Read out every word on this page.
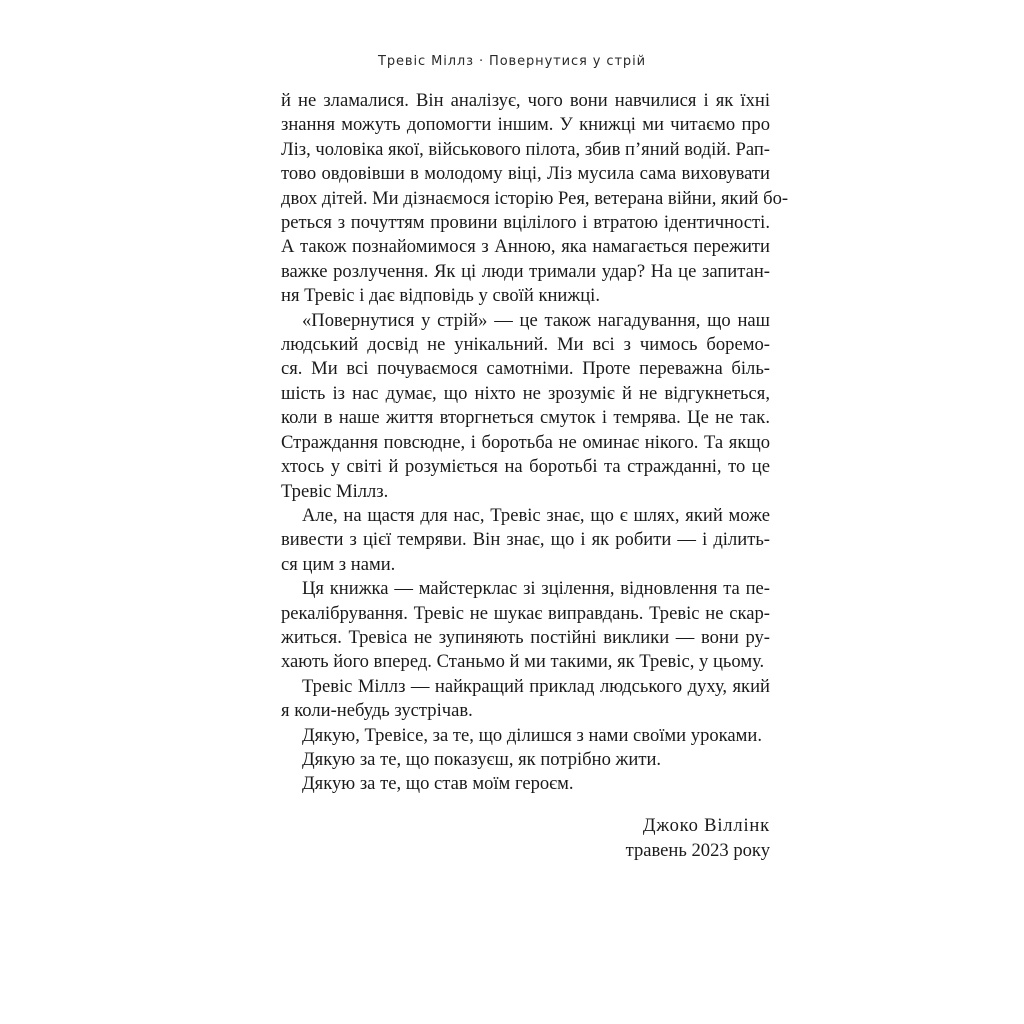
Тревіс Міллз · Повернутися у стрій
й не зламалися. Він аналізує, чого вони навчилися і як їхні
знання можуть допомогти іншим. У книжці ми читаємо про
Ліз, чоловіка якої, військового пілота, збив п’яний водій. Рап-
тово овдовівши в молодому віці, Ліз мусила сама виховувати
двох дітей. Ми дізнаємося історію Рея, ветерана війни, який бо-
реться з почуттям провини вцілілого і втратою ідентичності.
А також познайомимося з Анною, яка намагається пережити
важке розлучення. Як ці люди тримали удар? На це запитан-
ня Тревіс і дає відповідь у своїй книжці.
«Повернутися у стрій» — це також нагадування, що наш
людський досвід не унікальний. Ми всі з чимось боремо-
ся. Ми всі почуваємося самотніми. Проте переважна біль-
шість із нас думає, що ніхто не зрозуміє й не відгукнеться,
коли в наше життя вторгнеться смуток і темрява. Це не так.
Страждання повсюдне, і боротьба не оминає нікого. Та якщо
хтось у світі й розуміється на боротьбі та стражданні, то це
Тревіс Міллз.
Але, на щастя для нас, Тревіс знає, що є шлях, який може
вивести з цієї темряви. Він знає, що і як робити — і ділить-
ся цим з нами.
Ця книжка — майстерклас зі зцілення, відновлення та пе-
рекалібрування. Тревіс не шукає виправдань. Тревіс не скар-
житься. Тревіса не зупиняють постійні виклики — вони ру-
хають його вперед. Станьмо й ми такими, як Тревіс, у цьому.
Тревіс Міллз — найкращий приклад людського духу, який
я коли-небудь зустрічав.
Дякую, Тревісе, за те, що ділишся з нами своїми уроками.
Дякую за те, що показуєш, як потрібно жити.
Дякую за те, що став моїм героєм.
Джоко Віллінк
травень 2023 року
